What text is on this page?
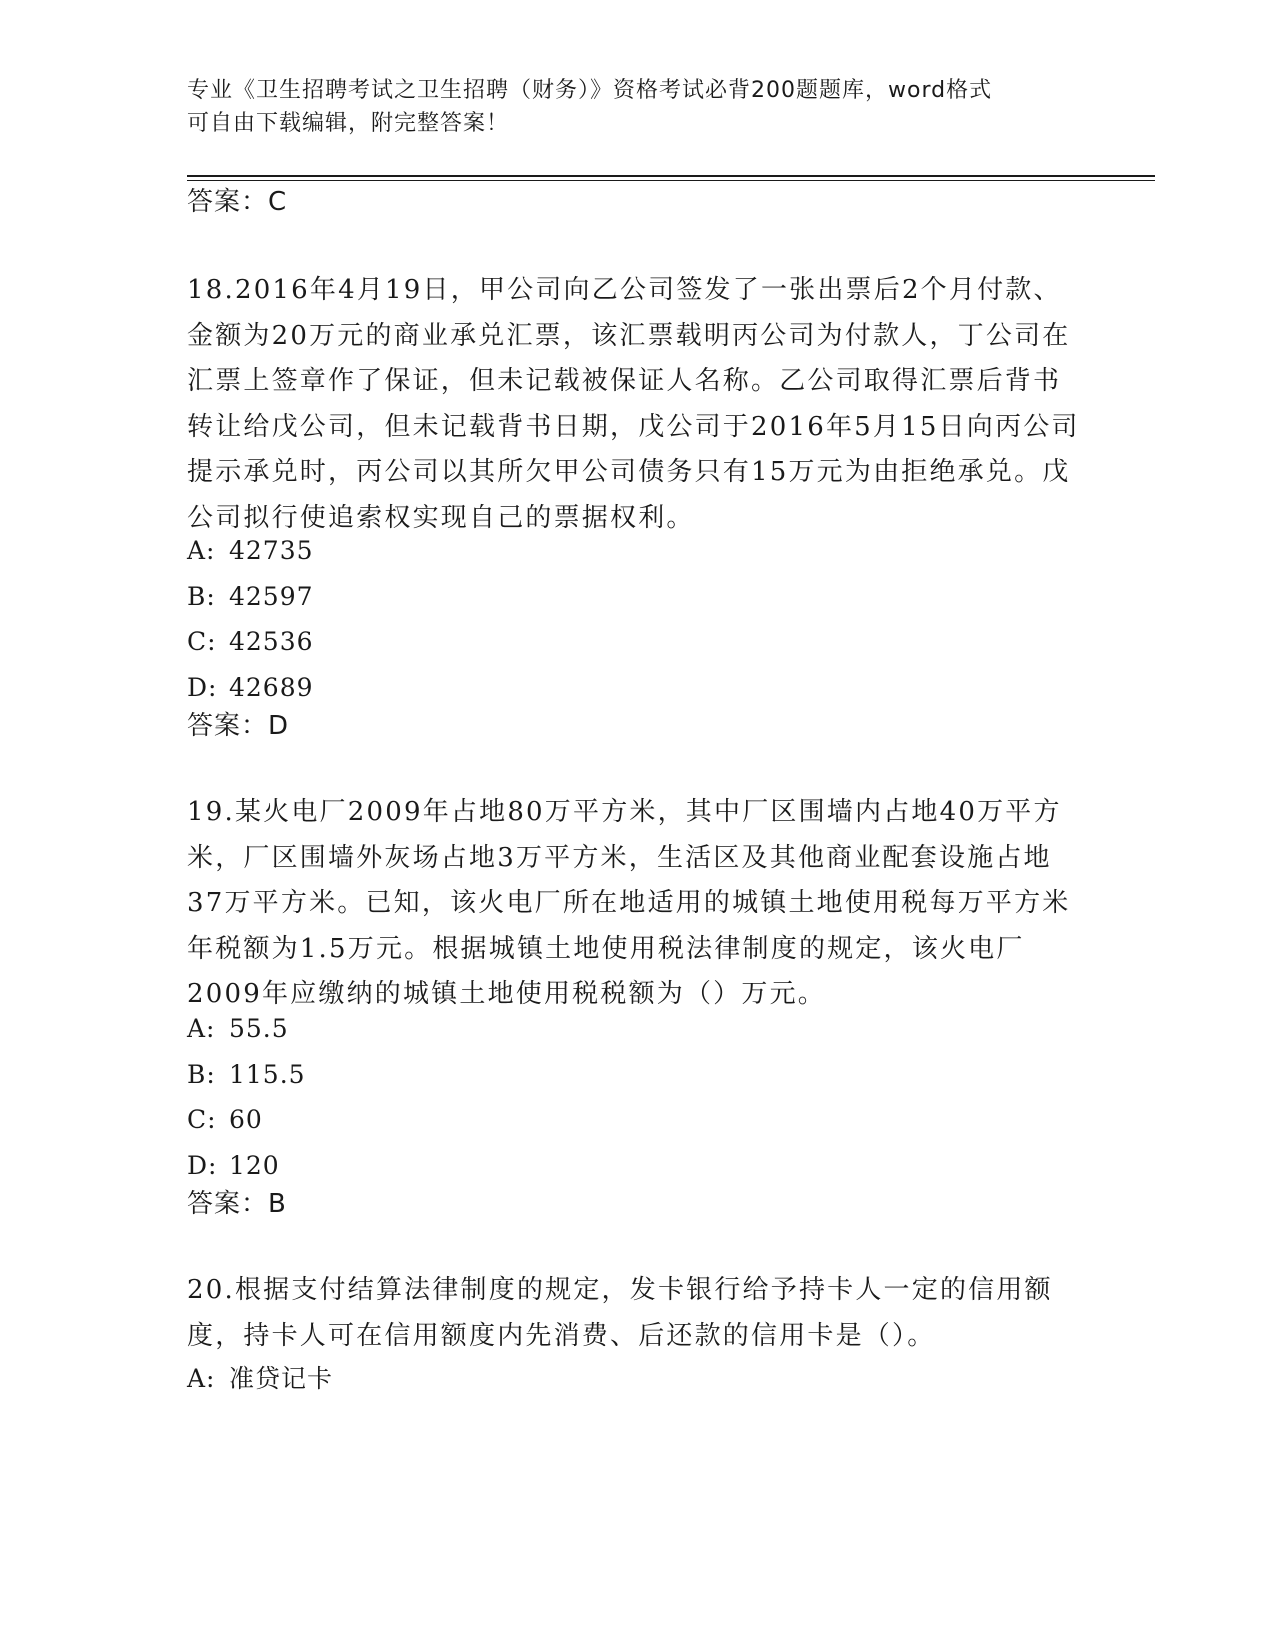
专业《卫生招聘考试之卫生招聘（财务）》资格考试必背200题题库，word格式
可自由下载编辑，附完整答案！

答案：C

18.2016年4月19日，甲公司向乙公司签发了一张出票后2个月付款、金额为20万元的商业承兑汇票，该汇票载明丙公司为付款人，丁公司在汇票上签章作了保证，但未记载被保证人名称。乙公司取得汇票后背书转让给戊公司，但未记载背书日期，戊公司于2016年5月15日向丙公司提示承兑时，丙公司以其所欠甲公司债务只有15万元为由拒绝承兑。戊公司拟行使追索权实现自己的票据权利。

A: 42735
B: 42597
C: 42536
D: 42689

答案：D

19.某火电厂2009年占地80万平方米，其中厂区围墙内占地40万平方米，厂区围墙外灰场占地3万平方米，生活区及其他商业配套设施占地37万平方米。已知，该火电厂所在地适用的城镇土地使用税每万平方米年税额为1.5万元。根据城镇土地使用税法律制度的规定，该火电厂2009年应缴纳的城镇土地使用税税额为（）万元。

A: 55.5
B: 115.5
C: 60
D: 120

答案：B

20.根据支付结算法律制度的规定，发卡银行给予持卡人一定的信用额度，持卡人可在信用额度内先消费、后还款的信用卡是（）。

A: 准贷记卡
